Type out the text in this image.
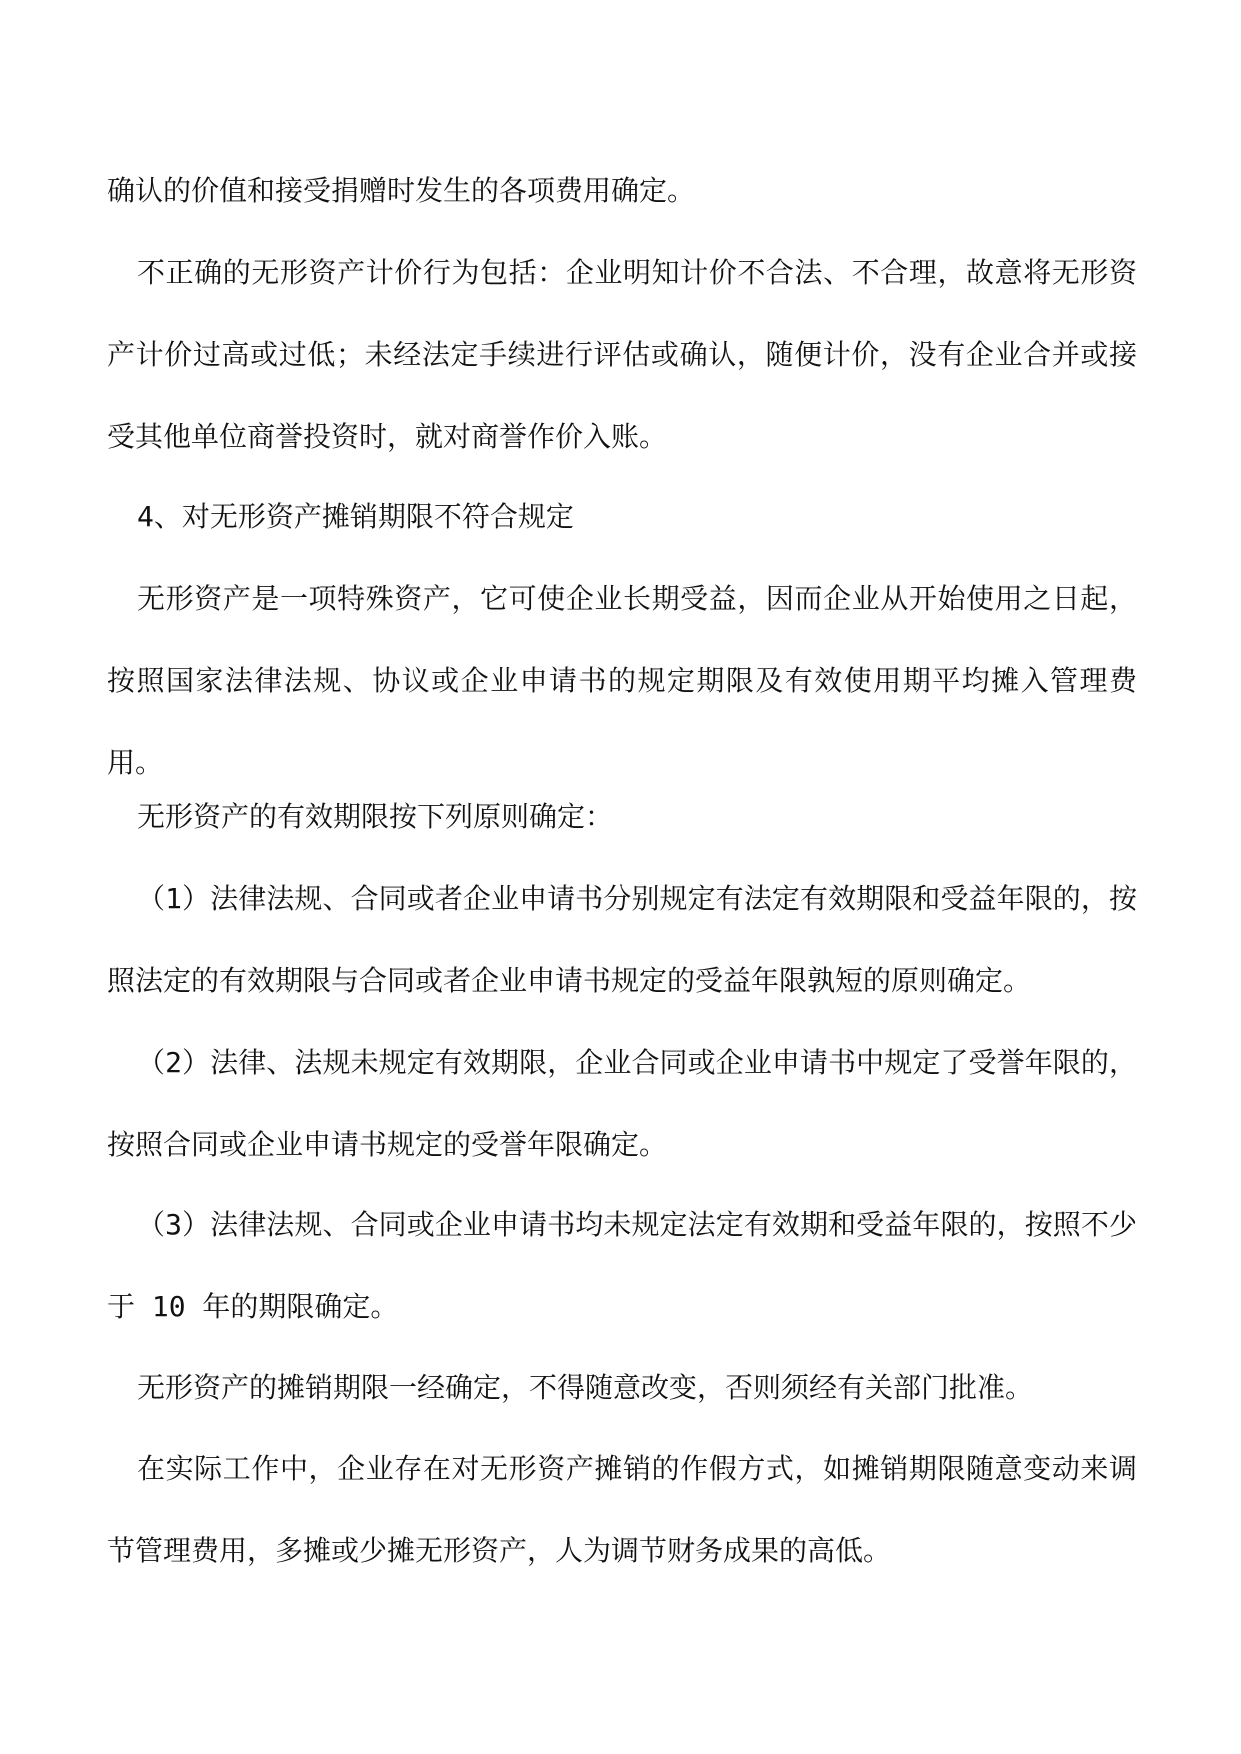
确认的价值和接受捐赠时发生的各项费用确定。

不正确的无形资产计价行为包括：企业明知计价不合法、不合理，故意将无形资产计价过高或过低；未经法定手续进行评估或确认，随便计价，没有企业合并或接受其他单位商誉投资时，就对商誉作价入账。

4、对无形资产摊销期限不符合规定

无形资产是一项特殊资产，它可使企业长期受益，因而企业从开始使用之日起，按照国家法律法规、协议或企业申请书的规定期限及有效使用期平均摊入管理费用。

无形资产的有效期限按下列原则确定：

（1）法律法规、合同或者企业申请书分别规定有法定有效期限和受益年限的，按照法定的有效期限与合同或者企业申请书规定的受益年限孰短的原则确定。

（2）法律、法规未规定有效期限，企业合同或企业申请书中规定了受誉年限的，按照合同或企业申请书规定的受誉年限确定。

（3）法律法规、合同或企业申请书均未规定法定有效期和受益年限的，按照不少于 10 年的期限确定。

无形资产的摊销期限一经确定，不得随意改变，否则须经有关部门批准。

在实际工作中，企业存在对无形资产摊销的作假方式，如摊销期限随意变动来调节管理费用，多摊或少摊无形资产，人为调节财务成果的高低。
